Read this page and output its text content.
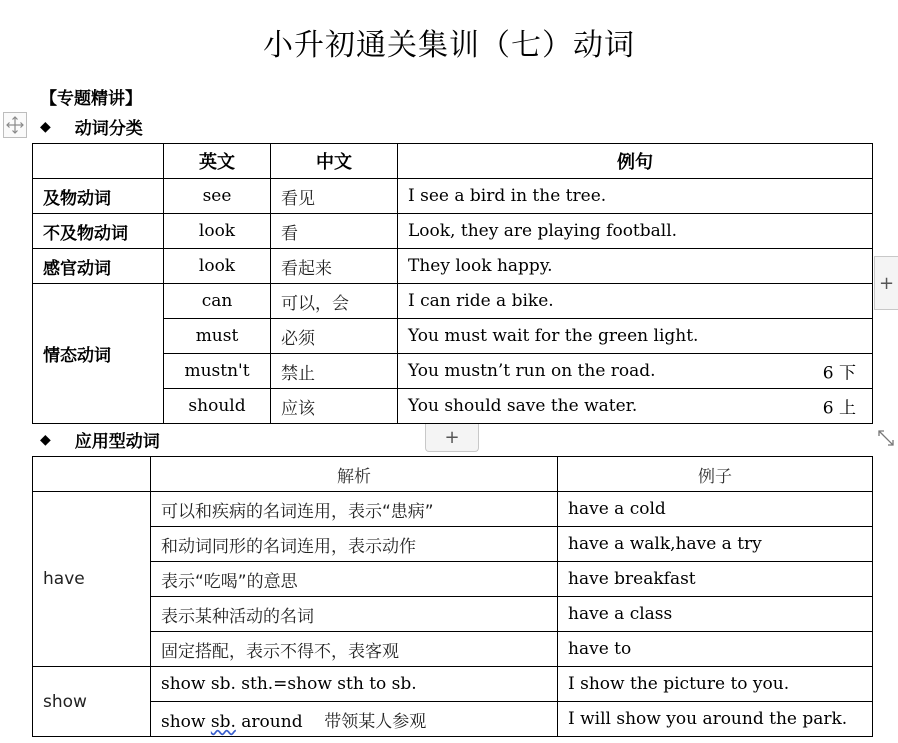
小升初通关集训（七）动词
【专题精讲】
◆ 动词分类
	英文	中文	例句
及物动词	see	看见	I see a bird in the tree.
不及物动词	look	看	Look, they are playing football.
感官动词	look	看起来	They look happy.
情态动词	can	可以，会	I can ride a bike.
	must	必须	You must wait for the green light.
	mustn't	禁止	You mustn’t run on the road. 6 下

	should	应该	You should save the water. 6 上
+
+
◆ 应用型动词
	解析	例子
have	可以和疾病的名词连用，表示“患病”	have a cold
	和动词同形的名词连用，表示动作	have a walk,have a try
	表示“吃喝”的意思	have breakfast
	表示某种活动的名词	have a class
	固定搭配，表示不得不，表客观	have to
show	show sb. sth.=show sth to sb.	I show the picture to you.
	show sb. around 带领某人参观	I will show you around the park.
